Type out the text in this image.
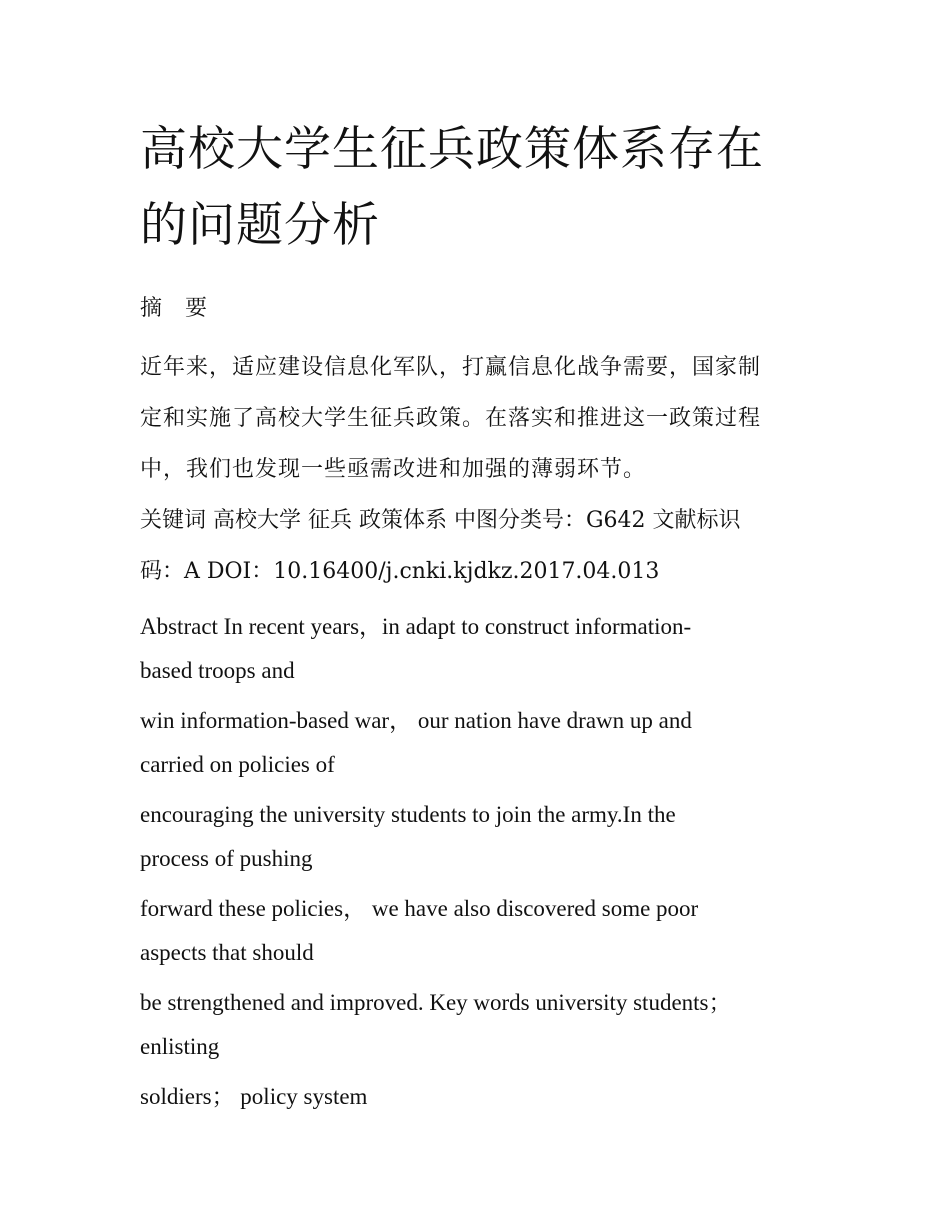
高校大学生征兵政策体系存在
的问题分析
摘 要

近年来，适应建设信息化军队，打赢信息化战争需要，国家制
定和实施了高校大学生征兵政策。在落实和推进这一政策过程
中，我们也发现一些亟需改进和加强的薄弱环节。

关键词 高校大学 征兵 政策体系 中图分类号：G642 文献标识
码：A DOI：10.16400/j.cnki.kjdkz.2017.04.013

Abstract In recent years，in adapt to construct information-
based troops and
win information-based war， our nation have drawn up and
carried on policies of
encouraging the university students to join the army.In the
process of pushing
forward these policies， we have also discovered some poor
aspects that should
be strengthened and improved. Key words university students；
enlisting
soldiers； policy system
